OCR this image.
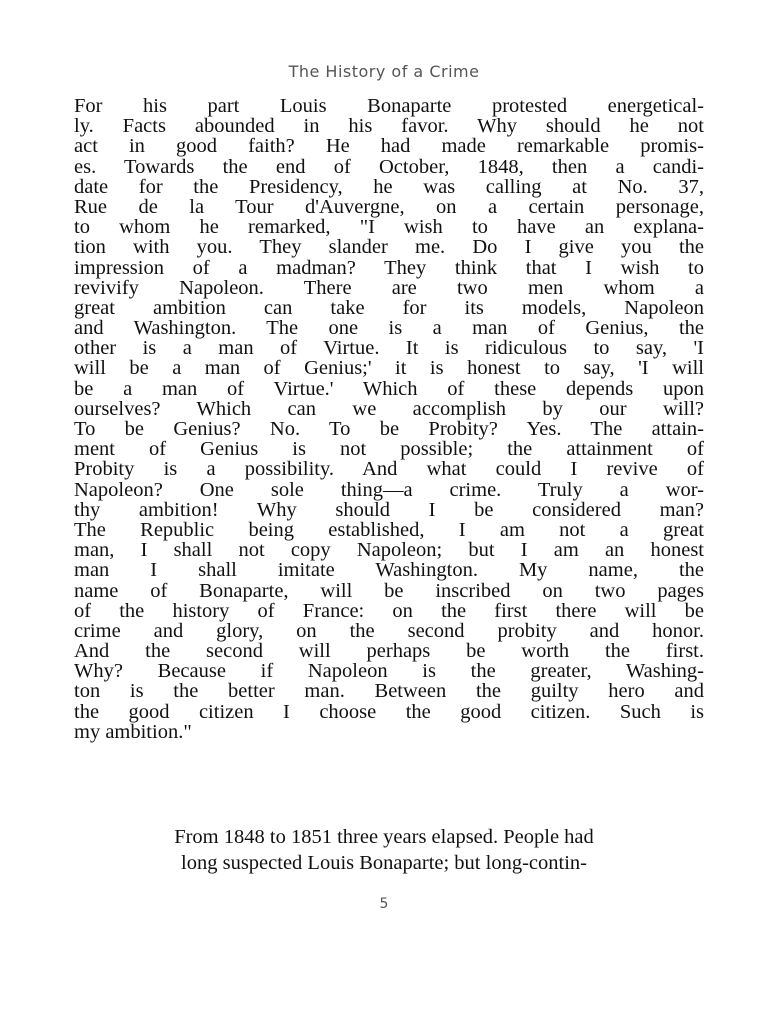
The History of a Crime
For his part Louis Bonaparte protested energetical-
ly. Facts abounded in his favor. Why should he not
act in good faith? He had made remarkable promis-
es. Towards the end of October, 1848, then a candi-
date for the Presidency, he was calling at No. 37,
Rue de la Tour d'Auvergne, on a certain personage,
to whom he remarked, "I wish to have an explana-
tion with you. They slander me. Do I give you the
impression of a madman? They think that I wish to
revivify Napoleon. There are two men whom a
great ambition can take for its models, Napoleon
and Washington. The one is a man of Genius, the
other is a man of Virtue. It is ridiculous to say, 'I
will be a man of Genius;' it is honest to say, 'I will
be a man of Virtue.' Which of these depends upon
ourselves? Which can we accomplish by our will?
To be Genius? No. To be Probity? Yes. The attain-
ment of Genius is not possible; the attainment of
Probity is a possibility. And what could I revive of
Napoleon? One sole thing—a crime. Truly a wor-
thy ambition! Why should I be considered man?
The Republic being established, I am not a great
man, I shall not copy Napoleon; but I am an honest
man I shall imitate Washington. My name, the
name of Bonaparte, will be inscribed on two pages
of the history of France: on the first there will be
crime and glory, on the second probity and honor.
And the second will perhaps be worth the first.
Why? Because if Napoleon is the greater, Washing-
ton is the better man. Between the guilty hero and
the good citizen I choose the good citizen. Such is
my ambition."
From 1848 to 1851 three years elapsed. People had
long suspected Louis Bonaparte; but long-contin-
5
